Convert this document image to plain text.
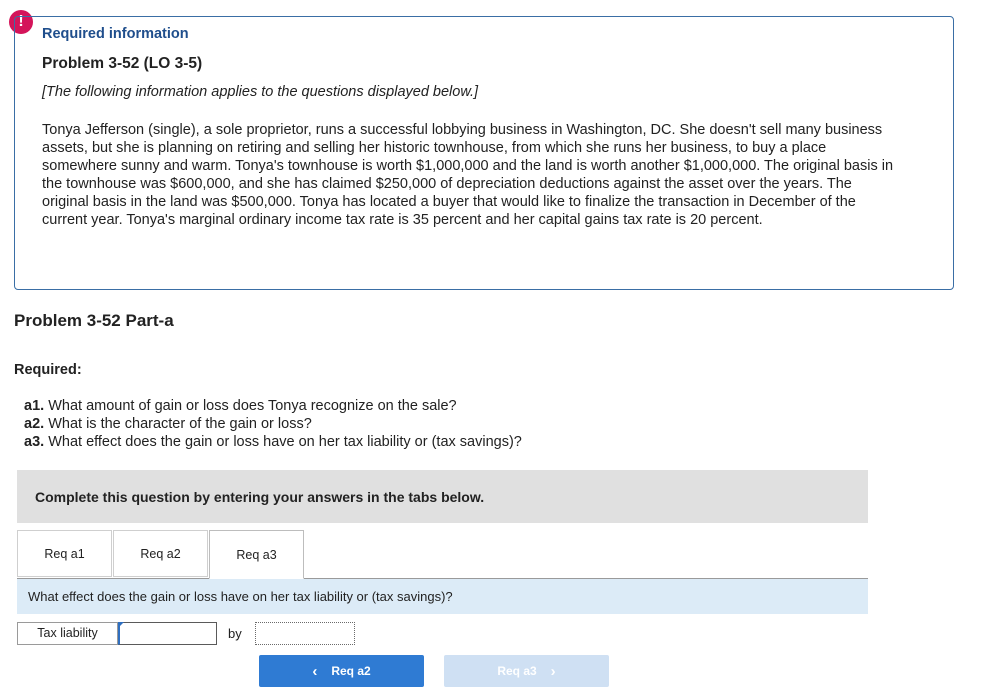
!
Required information
Problem 3-52 (LO 3-5)
[The following information applies to the questions displayed below.]
Tonya Jefferson (single), a sole proprietor, runs a successful lobbying business in Washington, DC. She doesn't sell many business assets, but she is planning on retiring and selling her historic townhouse, from which she runs her business, to buy a place somewhere sunny and warm. Tonya's townhouse is worth $1,000,000 and the land is worth another $1,000,000. The original basis in the townhouse was $600,000, and she has claimed $250,000 of depreciation deductions against the asset over the years. The original basis in the land was $500,000. Tonya has located a buyer that would like to finalize the transaction in December of the current year. Tonya's marginal ordinary income tax rate is 35 percent and her capital gains tax rate is 20 percent.
Problem 3-52 Part-a
Required:
a1. What amount of gain or loss does Tonya recognize on the sale?
a2. What is the character of the gain or loss?
a3. What effect does the gain or loss have on her tax liability or (tax savings)?
Complete this question by entering your answers in the tabs below.
Req a1	Req a2	Req a3
What effect does the gain or loss have on her tax liability or (tax savings)?
Tax liability	by
‹ Req a2	Req a3 ›
